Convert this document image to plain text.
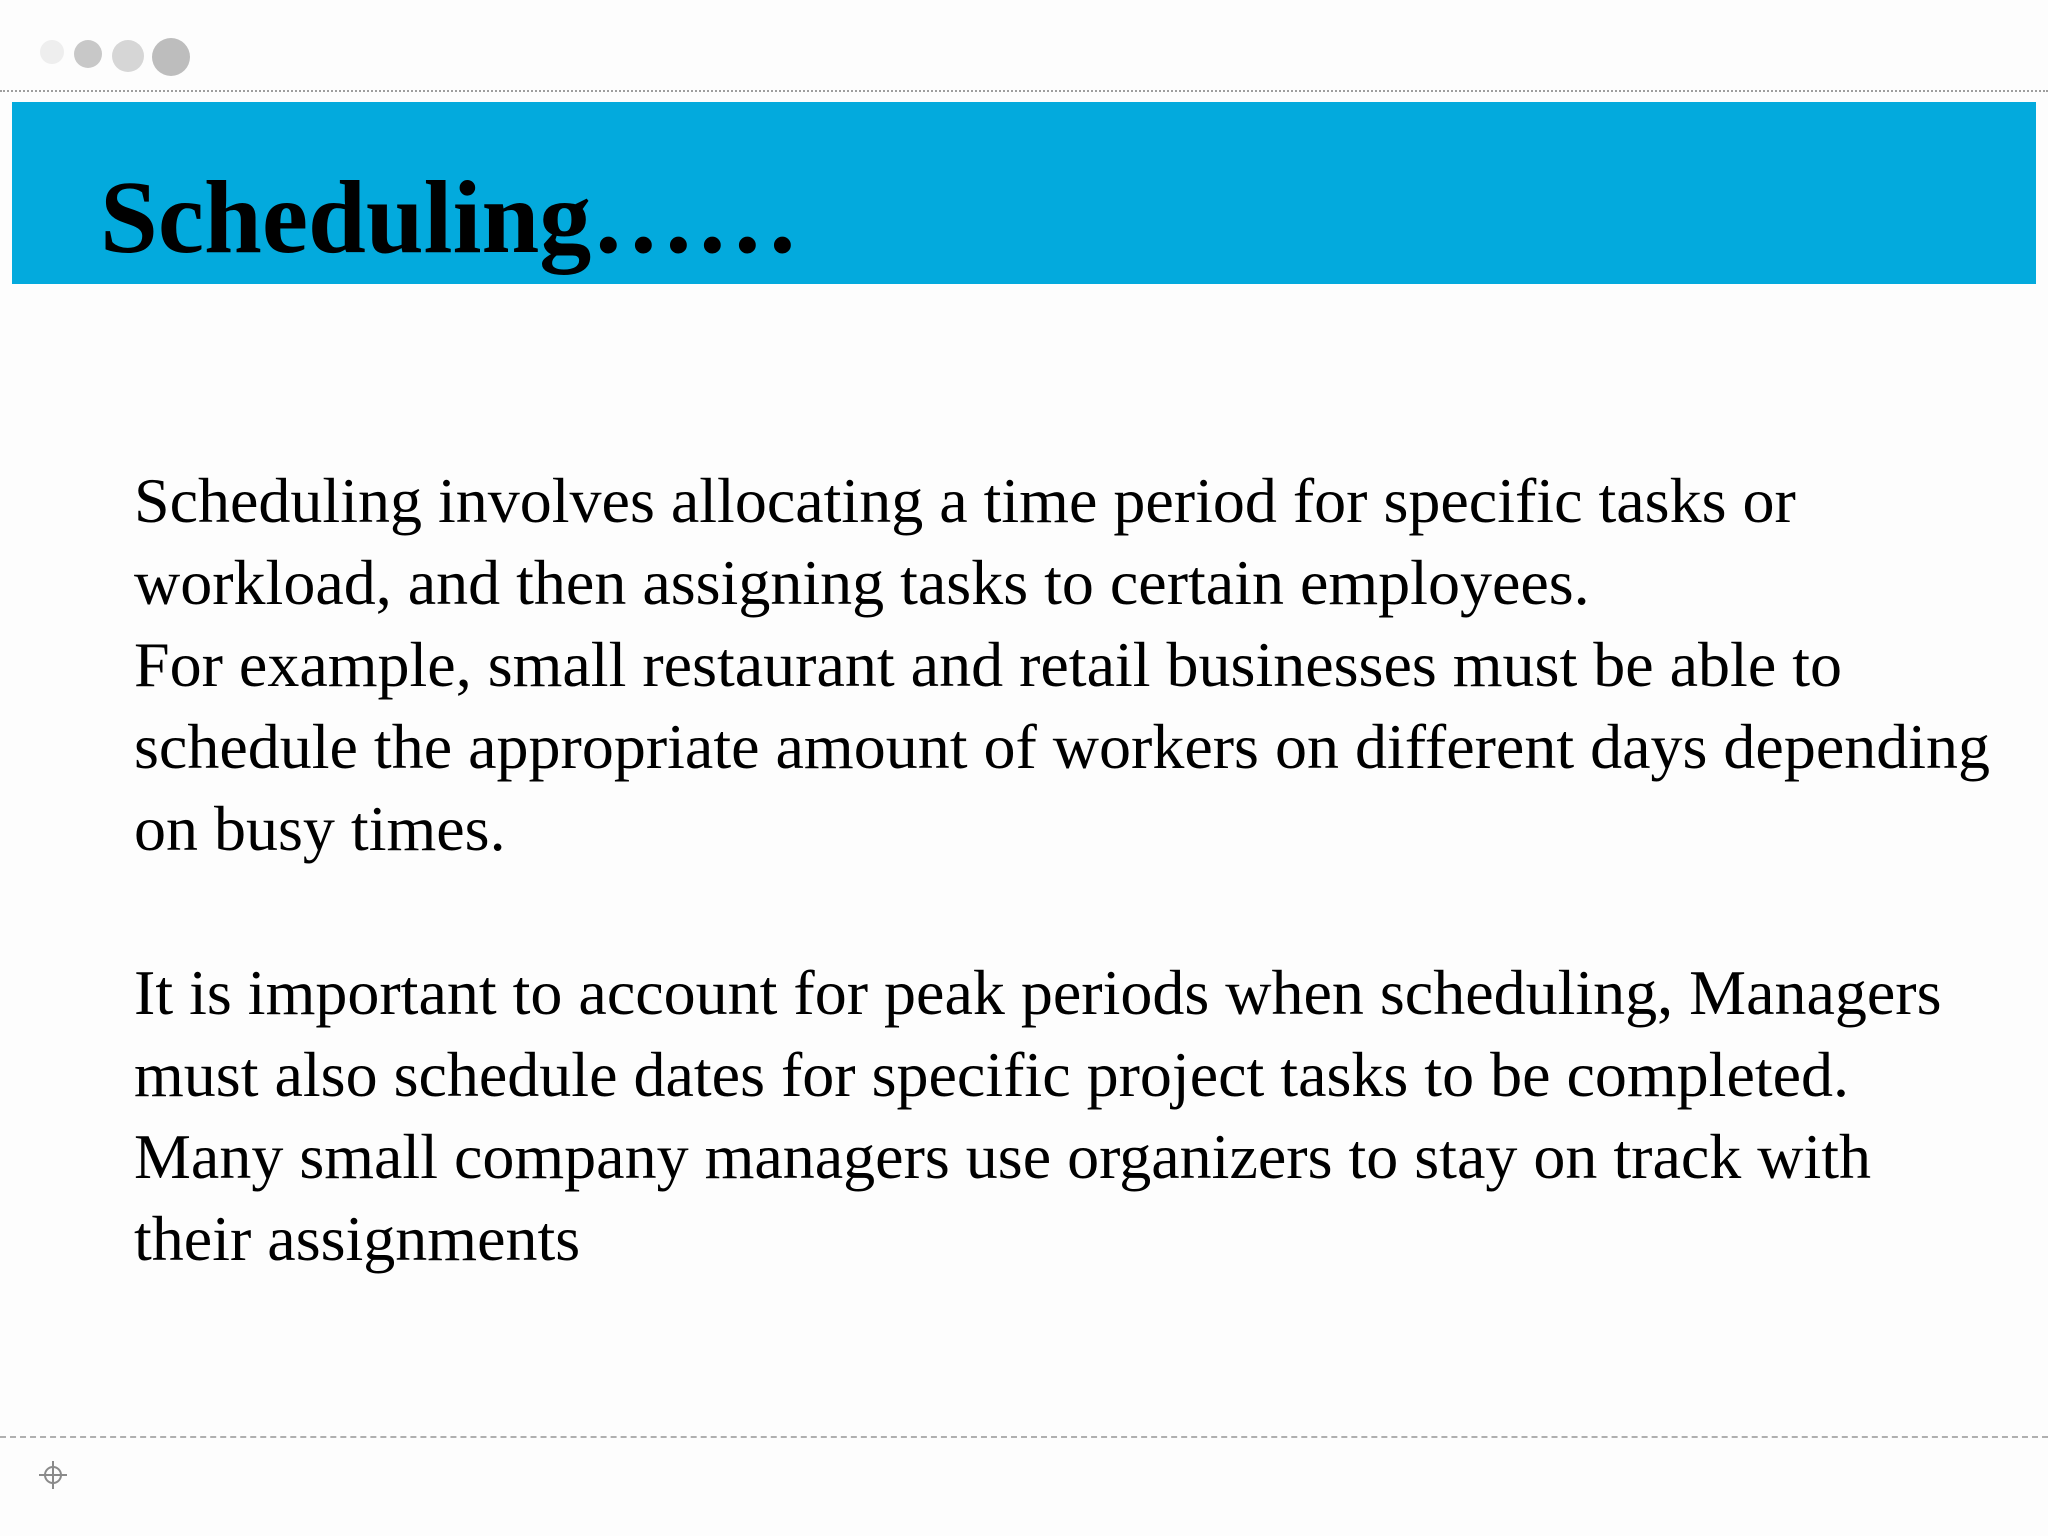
Scheduling……

Scheduling involves allocating a time period for specific tasks or workload, and then assigning tasks to certain employees.

For example, small restaurant and retail businesses must be able to schedule the appropriate amount of workers on different days depending on busy times.

It is important to account for peak periods when scheduling, Managers must also schedule dates for specific project tasks to be completed. Many small company managers use organizers to stay on track with their assignments
